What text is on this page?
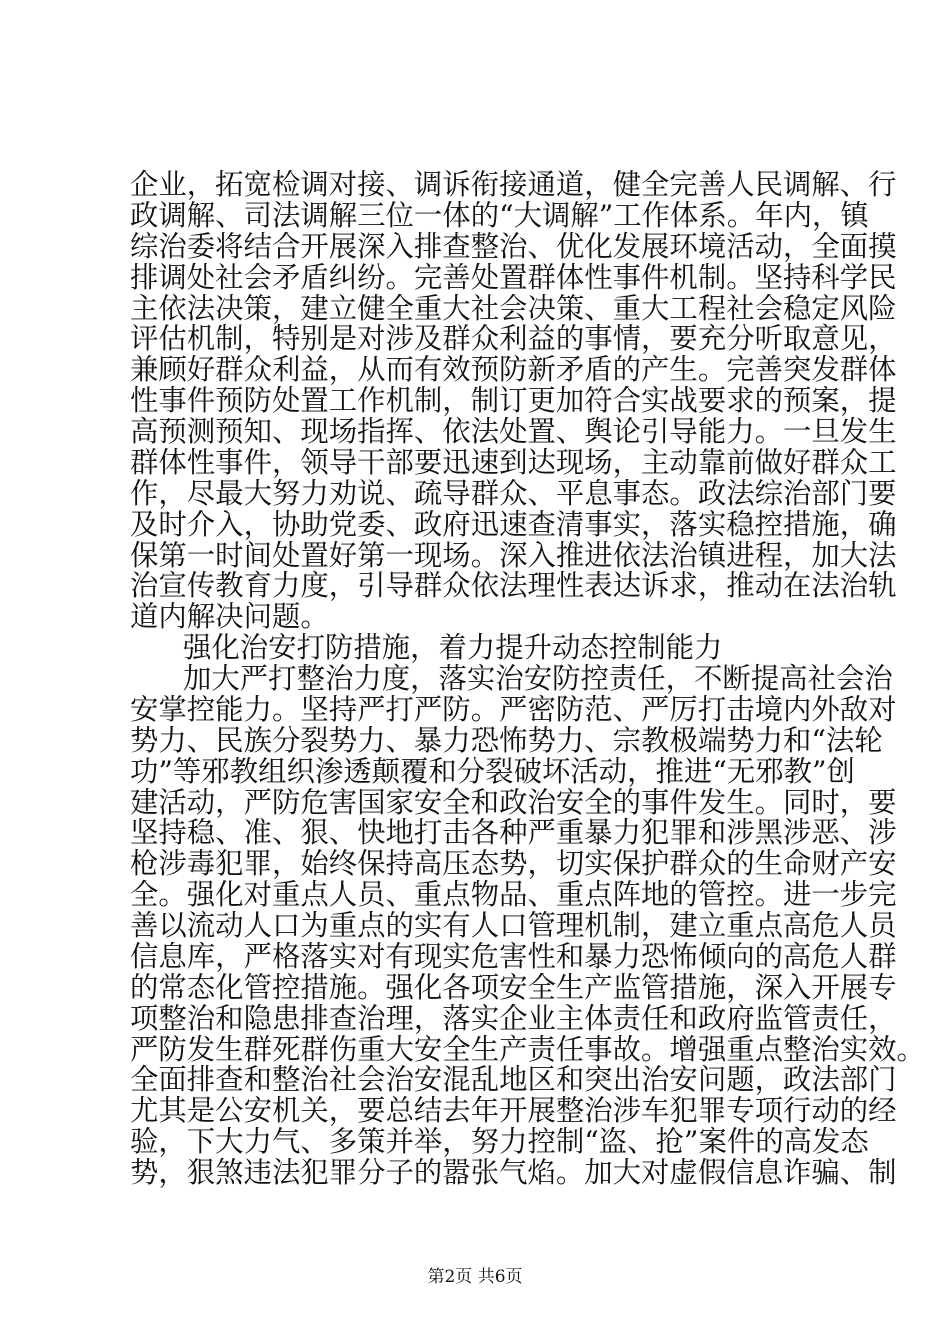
企业，拓宽检调对接、调诉衔接通道，健全完善人民调解、行
政调解、司法调解三位一体的“大调解”工作体系。年内，镇
综治委将结合开展深入排查整治、优化发展环境活动，全面摸
排调处社会矛盾纠纷。完善处置群体性事件机制。坚持科学民
主依法决策，建立健全重大社会决策、重大工程社会稳定风险
评估机制，特别是对涉及群众利益的事情，要充分听取意见，
兼顾好群众利益，从而有效预防新矛盾的产生。完善突发群体
性事件预防处置工作机制，制订更加符合实战要求的预案，提
高预测预知、现场指挥、依法处置、舆论引导能力。一旦发生
群体性事件，领导干部要迅速到达现场，主动靠前做好群众工
作，尽最大努力劝说、疏导群众、平息事态。政法综治部门要
及时介入，协助党委、政府迅速查清事实，落实稳控措施，确
保第一时间处置好第一现场。深入推进依法治镇进程，加大法
治宣传教育力度，引导群众依法理性表达诉求，推动在法治轨
道内解决问题。
强化治安打防措施，着力提升动态控制能力
加大严打整治力度，落实治安防控责任，不断提高社会治
安掌控能力。坚持严打严防。严密防范、严厉打击境内外敌对
势力、民族分裂势力、暴力恐怖势力、宗教极端势力和“法轮
功”等邪教组织渗透颠覆和分裂破坏活动，推进“无邪教”创
建活动，严防危害国家安全和政治安全的事件发生。同时，要
坚持稳、准、狠、快地打击各种严重暴力犯罪和涉黑涉恶、涉
枪涉毒犯罪，始终保持高压态势，切实保护群众的生命财产安
全。强化对重点人员、重点物品、重点阵地的管控。进一步完
善以流动人口为重点的实有人口管理机制，建立重点高危人员
信息库，严格落实对有现实危害性和暴力恐怖倾向的高危人群
的常态化管控措施。强化各项安全生产监管措施，深入开展专
项整治和隐患排查治理，落实企业主体责任和政府监管责任，
严防发生群死群伤重大安全生产责任事故。增强重点整治实效。
全面排查和整治社会治安混乱地区和突出治安问题，政法部门
尤其是公安机关，要总结去年开展整治涉车犯罪专项行动的经
验，下大力气、多策并举，努力控制“盗、抢”案件的高发态
势，狠煞违法犯罪分子的嚣张气焰。加大对虚假信息诈骗、制
第2页 共6页
